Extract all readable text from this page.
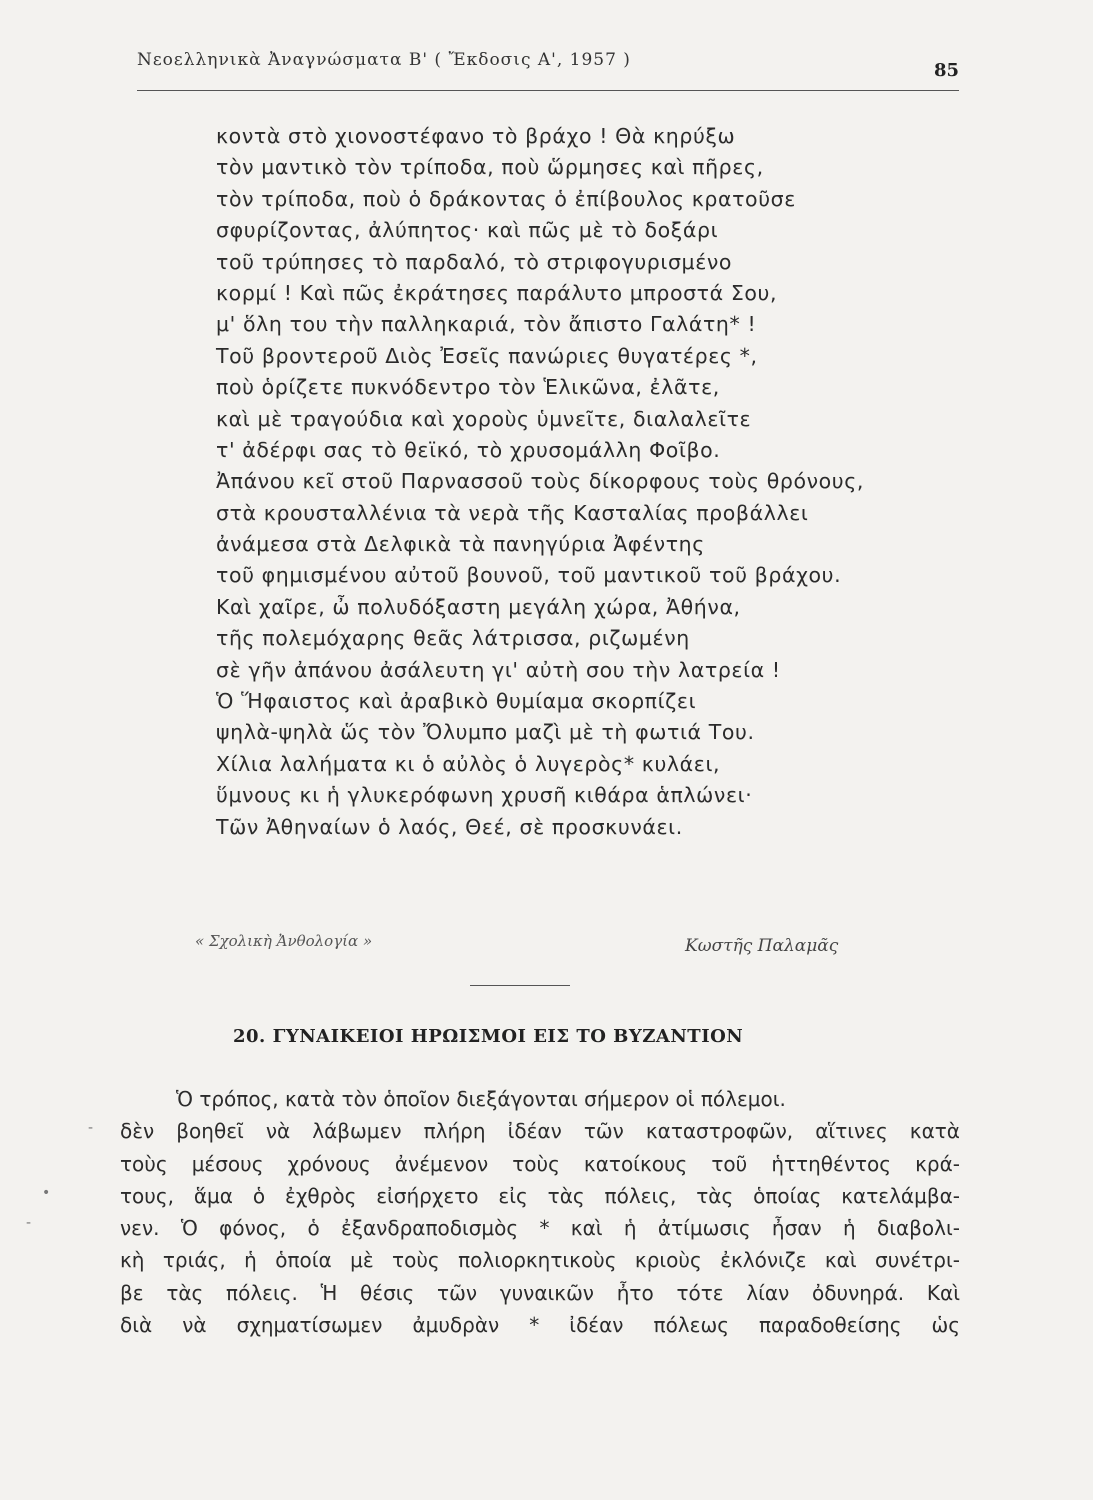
Νεοελληνικὰ Ἀναγνώσματα Β' ( Ἔκδοσις Α', 1957 )	85
κοντὰ στὸ χιονοστέφανο τὸ βράχο ! Θὰ κηρύξω
τὸν μαντικὸ τὸν τρίποδα, ποὺ ὥρμησες καὶ πῆρες,
τὸν τρίποδα, ποὺ ὁ δράκοντας ὁ ἐπίβουλος κρατοῦσε
σφυρίζοντας, ἀλύπητος· καὶ πῶς μὲ τὸ δοξάρι
τοῦ τρύπησες τὸ παρδαλό, τὸ στριφογυρισμένο
κορμί ! Καὶ πῶς ἐκράτησες παράλυτο μπροστά Σου,
μ' ὅλη του τὴν παλληκαριά, τὸν ἄπιστο Γαλάτη* !
Τοῦ βροντεροῦ Διὸς Ἐσεῖς πανώριες θυγατέρες *,
ποὺ ὁρίζετε πυκνόδεντρο τὸν Ἑλικῶνα, ἐλᾶτε,
καὶ μὲ τραγούδια καὶ χοροὺς ὑμνεῖτε, διαλαλεῖτε
τ' ἀδέρφι σας τὸ θεϊκό, τὸ χρυσομάλλη Φοῖβο.
Ἀπάνου κεῖ στοῦ Παρνασσοῦ τοὺς δίκορφους τοὺς θρόνους,
στὰ κρουσταλλένια τὰ νερὰ τῆς Κασταλίας προβάλλει
ἀνάμεσα στὰ Δελφικὰ τὰ πανηγύρια Ἀφέντης
τοῦ φημισμένου αὐτοῦ βουνοῦ, τοῦ μαντικοῦ τοῦ βράχου.
Καὶ χαῖρε, ὦ πολυδόξαστη μεγάλη χώρα, Ἀθήνα,
τῆς πολεμόχαρης θεᾶς λάτρισσα, ριζωμένη
σὲ γῆν ἀπάνου ἀσάλευτη γι' αὐτὴ σου τὴν λατρεία !
Ὁ Ἥφαιστος καὶ ἀραβικὸ θυμίαμα σκορπίζει
ψηλὰ-ψηλὰ ὥς τὸν Ὄλυμπο μαζὶ μὲ τὴ φωτιά Του.
Χίλια λαλήματα κι ὁ αὐλὸς ὁ λυγερὸς* κυλάει,
ὕμνους κι ἡ γλυκερόφωνη χρυσῆ κιθάρα ἁπλώνει·
Τῶν Ἀθηναίων ὁ λαός, Θεέ, σὲ προσκυνάει.
« Σχολικὴ Ἀνθολογία »	Κωστῆς Παλαμᾶς
20. ΓΥΝΑΙΚΕΙΟΙ ΗΡΩΙΣΜΟΙ ΕΙΣ ΤΟ ΒΥΖΑΝΤΙΟΝ
Ὁ τρόπος, κατὰ τὸν ὁποῖον διεξάγονται σήμερον οἱ πόλεμοι.
δὲν βοηθεῖ νὰ λάβωμεν πλήρη ἰδέαν τῶν καταστροφῶν, αἵτινες κατὰ
τοὺς μέσους χρόνους ἀνέμενον τοὺς κατοίκους τοῦ ἡττηθέντος κρά-
τους, ἅμα ὁ ἐχθρὸς εἰσήρχετο εἰς τὰς πόλεις, τὰς ὁποίας κατελάμβα-
νεν. Ὁ φόνος, ὁ ἐξανδραποδισμὸς * καὶ ἡ ἀτίμωσις ἦσαν ἡ διαβολι-
κὴ τριάς, ἡ ὁποία μὲ τοὺς πολιορκητικοὺς κριοὺς ἐκλόνιζε καὶ συνέτρι-
βε τὰς πόλεις. Ἡ θέσις τῶν γυναικῶν ἦτο τότε λίαν ὀδυνηρά. Καὶ
διὰ νὰ σχηματίσωμεν ἀμυδρὰν * ἰδέαν πόλεως παραδοθείσης ὡς
-
•
-
